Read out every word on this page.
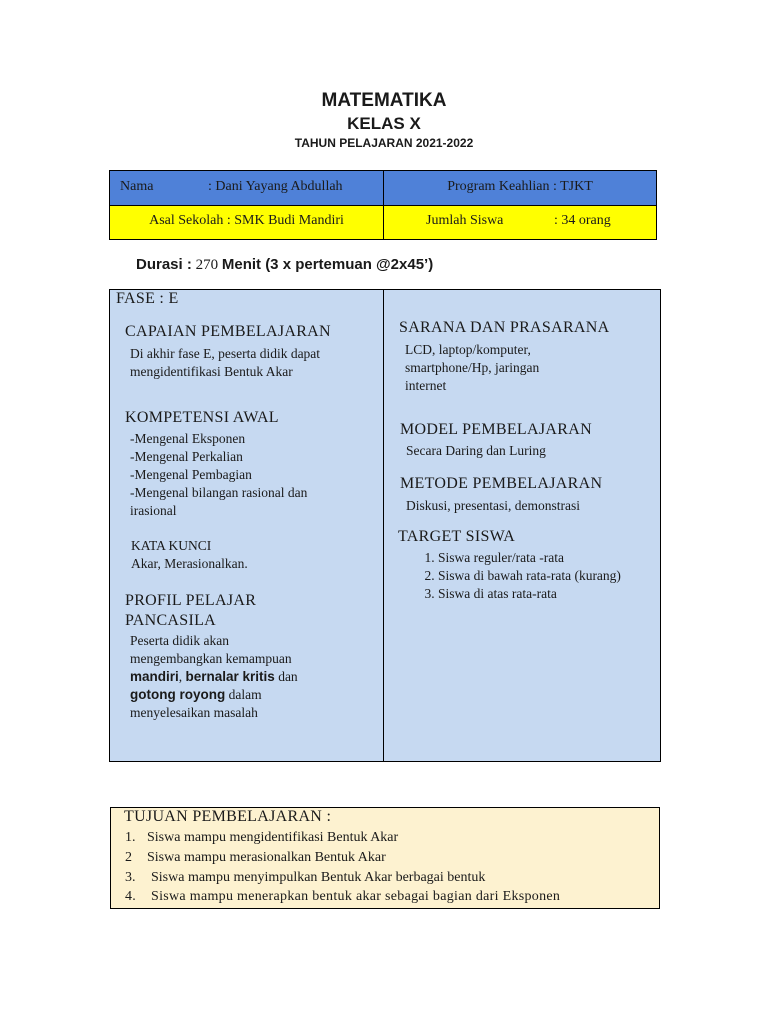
MATEMATIKA
KELAS X
TAHUN PELAJARAN 2021-2022
Nama	: Dani Yayang Abdullah	Program Keahlian : TJKT
Asal Sekolah : SMK Budi Mandiri	Jumlah Siswa	: 34 orang
Durasi : 270 Menit (3 x pertemuan @2x45’)
FASE : E
CAPAIAN PEMBELAJARAN
Di akhir fase E, peserta didik dapat
mengidentifikasi Bentuk Akar
KOMPETENSI AWAL
-Mengenal Eksponen
-Mengenal Perkalian
-Mengenal Pembagian
-Mengenal bilangan rasional dan
irasional
KATA KUNCI
Akar, Merasionalkan.
PROFIL PELAJAR
PANCASILA
Peserta didik akan
mengembangkan kemampuan
mandiri, bernalar kritis dan
gotong royong dalam
menyelesaikan masalah
SARANA DAN PRASARANA
LCD, laptop/komputer,
smartphone/Hp, jaringan
internet
MODEL PEMBELAJARAN
Secara Daring dan Luring
METODE PEMBELAJARAN
Diskusi, presentasi, demonstrasi
TARGET SISWA
1. Siswa reguler/rata -rata
2. Siswa di bawah rata-rata (kurang)
3. Siswa di atas rata-rata
TUJUAN PEMBELAJARAN :
1. Siswa mampu mengidentifikasi Bentuk Akar
2 Siswa mampu merasionalkan Bentuk Akar
3. Siswa mampu menyimpulkan Bentuk Akar berbagai bentuk
4. Siswa mampu menerapkan bentuk akar sebagai bagian dari Eksponen
